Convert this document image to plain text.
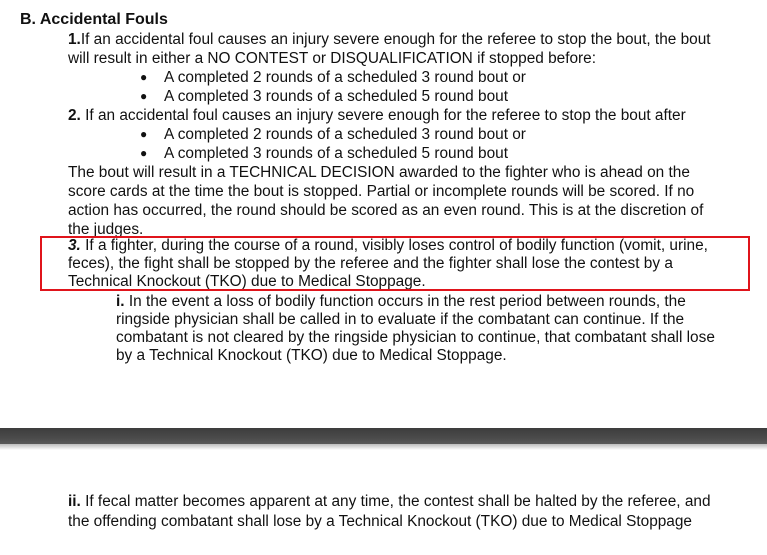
B. Accidental Fouls
1.If an accidental foul causes an injury severe enough for the referee to stop the bout, the bout
will result in either a NO CONTEST or DISQUALIFICATION if stopped before:
● A completed 2 rounds of a scheduled 3 round bout or
● A completed 3 rounds of a scheduled 5 round bout
2. If an accidental foul causes an injury severe enough for the referee to stop the bout after
● A completed 2 rounds of a scheduled 3 round bout or
● A completed 3 rounds of a scheduled 5 round bout
The bout will result in a TECHNICAL DECISION awarded to the fighter who is ahead on the
score cards at the time the bout is stopped. Partial or incomplete rounds will be scored. If no
action has occurred, the round should be scored as an even round. This is at the discretion of
the judges.
3. If a fighter, during the course of a round, visibly loses control of bodily function (vomit, urine,
feces), the fight shall be stopped by the referee and the fighter shall lose the contest by a
Technical Knockout (TKO) due to Medical Stoppage.
i. In the event a loss of bodily function occurs in the rest period between rounds, the
ringside physician shall be called in to evaluate if the combatant can continue. If the
combatant is not cleared by the ringside physician to continue, that combatant shall lose
by a Technical Knockout (TKO) due to Medical Stoppage.
ii. If fecal matter becomes apparent at any time, the contest shall be halted by the referee, and
the offending combatant shall lose by a Technical Knockout (TKO) due to Medical Stoppage
